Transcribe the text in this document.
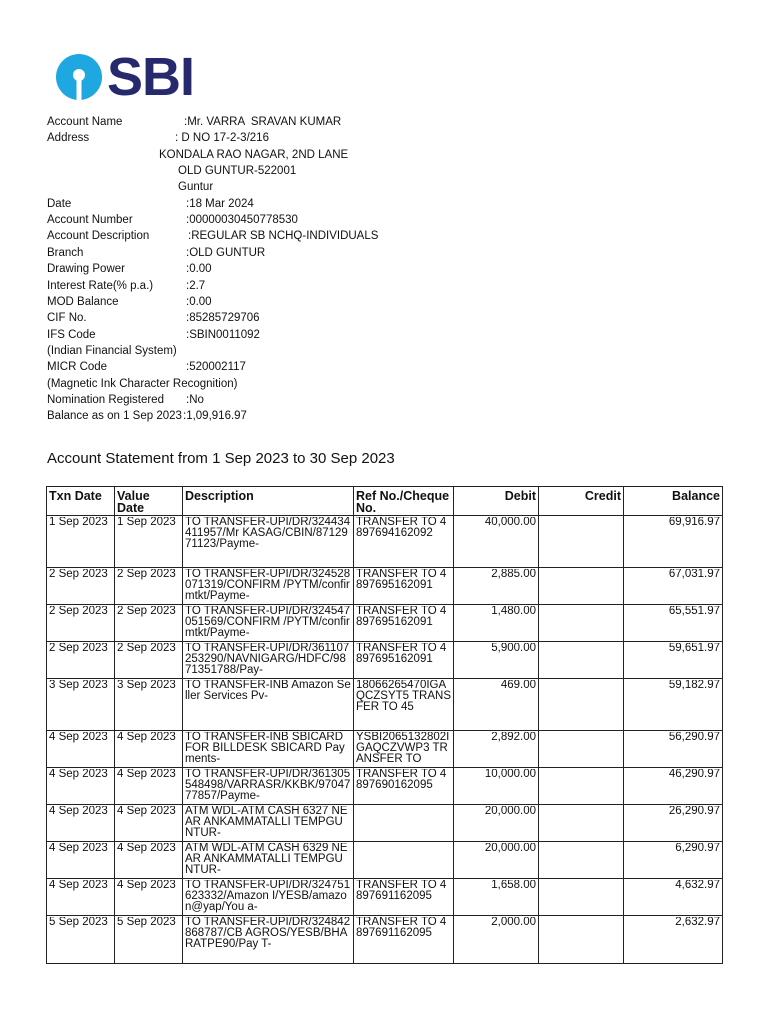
SBI
Account Name	:Mr. VARRA  SRAVAN KUMAR
Address	: D NO 17-2-3/216
KONDALA RAO NAGAR, 2ND LANE
OLD GUNTUR-522001
Guntur
Date	:18 Mar 2024
Account Number	:00000030450778530
Account Description	:REGULAR SB NCHQ-INDIVIDUALS
Branch	:OLD GUNTUR
Drawing Power	:0.00
Interest Rate(% p.a.)	:2.7
MOD Balance	:0.00
CIF No.	:85285729706
IFS Code	:SBIN0011092
(Indian Financial System)
MICR Code	:520002117
(Magnetic Ink Character Recognition)
Nomination Registered :No
Balance as on 1 Sep 2023 :1,09,916.97
Account Statement from 1 Sep 2023 to 30 Sep 2023
Txn Date	Value Date	Description	Ref No./Cheque No.	Debit	Credit	Balance

1 Sep 2023	1 Sep 2023	TO TRANSFER-UPI/DR/324434411957/Mr KASAG/CBIN/8712971123/Payme-	TRANSFER TO 4897694162092	40,000.00		69,916.97

2 Sep 2023	2 Sep 2023	TO TRANSFER-UPI/DR/324528071319/CONFIRM /PYTM/confirmtkt/Payme-	TRANSFER TO 4897695162091	2,885.00		67,031.97

2 Sep 2023	2 Sep 2023	TO TRANSFER-UPI/DR/324547051569/CONFIRM /PYTM/confirmtkt/Payme-	TRANSFER TO 4897695162091	1,480.00		65,551.97

2 Sep 2023	2 Sep 2023	TO TRANSFER-UPI/DR/361107253290/NAVNIGARG/HDFC/9871351788/Pay-	TRANSFER TO 4897695162091	5,900.00		59,651.97

3 Sep 2023	3 Sep 2023	TO TRANSFER-INB Amazon Seller Services Pv-	18066265470IGAQCZSYT5 TRANSFER TO 45	469.00		59,182.97

4 Sep 2023	4 Sep 2023	TO TRANSFER-INB SBICARD FOR BILLDESK SBICARD Payments-	YSBI2065132802IGAQCZVWP3 TRANSFER TO	2,892.00		56,290.97

4 Sep 2023	4 Sep 2023	TO TRANSFER-UPI/DR/361305548498/VARRASR/KKBK/9704777857/Payme-	TRANSFER TO 4897690162095	10,000.00		46,290.97

4 Sep 2023	4 Sep 2023	ATM WDL-ATM CASH 6327 NEAR ANKAMMATALLI TEMPGUNTUR-		20,000.00		26,290.97

4 Sep 2023	4 Sep 2023	ATM WDL-ATM CASH 6329 NEAR ANKAMMATALLI TEMPGUNTUR-		20,000.00		6,290.97

4 Sep 2023	4 Sep 2023	TO TRANSFER-UPI/DR/324751623332/Amazon I/YESB/amazon@yap/You a-	TRANSFER TO 4897691162095	1,658.00		4,632.97

5 Sep 2023	5 Sep 2023	TO TRANSFER-UPI/DR/324842868787/CB AGROS/YESB/BHARATPE90/Pay T-	TRANSFER TO 4897691162095	2,000.00		2,632.97
